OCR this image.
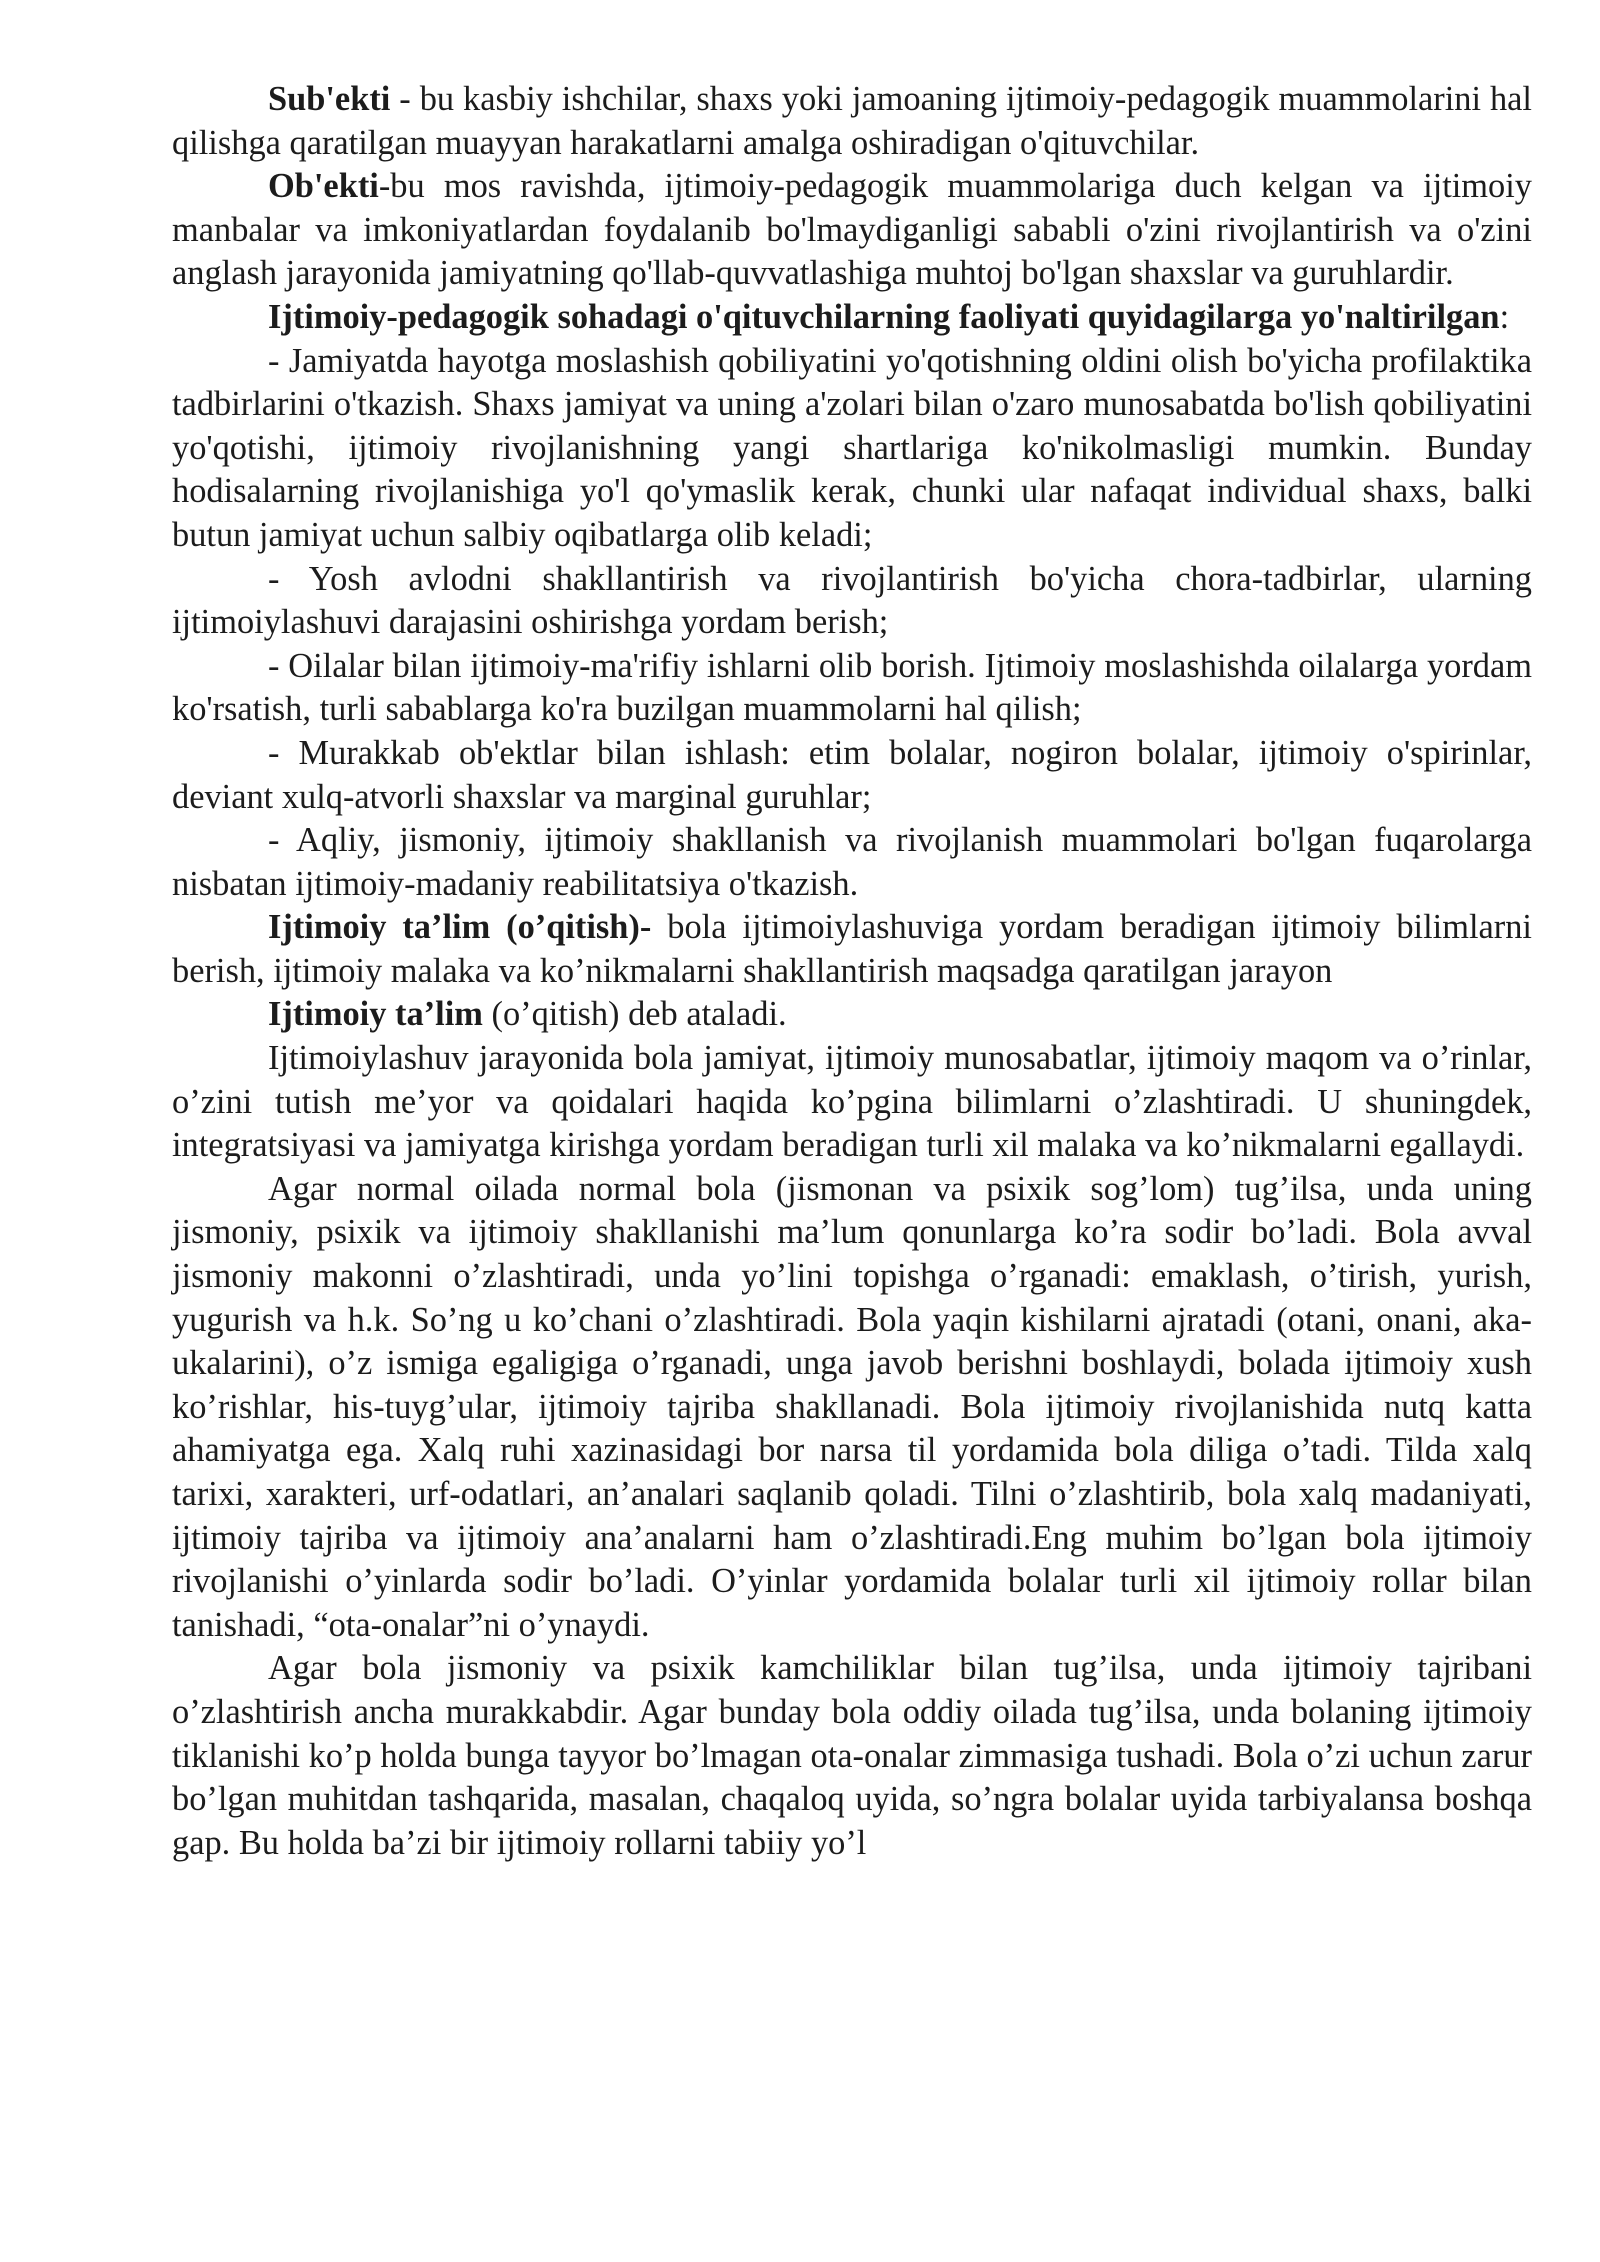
Sub'ekti - bu kasbiy ishchilar, shaxs yoki jamoaning ijtimoiy-pedagogik muammolarini hal qilishga qaratilgan muayyan harakatlarni amalga oshiradigan o'qituvchilar.

Ob'ekti-bu mos ravishda, ijtimoiy-pedagogik muammolariga duch kelgan va ijtimoiy manbalar va imkoniyatlardan foydalanib bo'lmaydiganligi sababli o'zini rivojlantirish va o'zini anglash jarayonida jamiyatning qo'llab-quvvatlashiga muhtoj bo'lgan shaxslar va guruhlardir.

Ijtimoiy-pedagogik sohadagi o'qituvchilarning faoliyati quyidagilarga yo'naltirilgan:

- Jamiyatda hayotga moslashish qobiliyatini yo'qotishning oldini olish bo'yicha profilaktika tadbirlarini o'tkazish. Shaxs jamiyat va uning a'zolari bilan o'zaro munosabatda bo'lish qobiliyatini yo'qotishi, ijtimoiy rivojlanishning yangi shartlariga ko'nikolmasligi mumkin. Bunday hodisalarning rivojlanishiga yo'l qo'ymaslik kerak, chunki ular nafaqat individual shaxs, balki butun jamiyat uchun salbiy oqibatlarga olib keladi;

- Yosh avlodni shakllantirish va rivojlantirish bo'yicha chora-tadbirlar, ularning ijtimoiylashuvi darajasini oshirishga yordam berish;

- Oilalar bilan ijtimoiy-ma'rifiy ishlarni olib borish. Ijtimoiy moslashishda oilalarga yordam ko'rsatish, turli sabablarga ko'ra buzilgan muammolarni hal qilish;

- Murakkab ob'ektlar bilan ishlash: etim bolalar, nogiron bolalar, ijtimoiy o'spirinlar, deviant xulq-atvorli shaxslar va marginal guruhlar;

- Aqliy, jismoniy, ijtimoiy shakllanish va rivojlanish muammolari bo'lgan fuqarolarga nisbatan ijtimoiy-madaniy reabilitatsiya o'tkazish.

Ijtimoiy ta’lim (o’qitish)- bola ijtimoiylashuviga yordam beradigan ijtimoiy bilimlarni berish, ijtimoiy malaka va ko’nikmalarni shakllantirish maqsadga qaratilgan jarayon

Ijtimoiy ta’lim (o’qitish) deb ataladi.

Ijtimoiylashuv jarayonida bola jamiyat, ijtimoiy munosabatlar, ijtimoiy maqom va o’rinlar, o’zini tutish me’yor va qoidalari haqida ko’pgina bilimlarni o’zlashtiradi. U shuningdek, integratsiyasi va jamiyatga kirishga yordam beradigan turli xil malaka va ko’nikmalarni egallaydi.

Agar normal oilada normal bola (jismonan va psixik sog’lom) tug’ilsa, unda uning jismoniy, psixik va ijtimoiy shakllanishi ma’lum qonunlarga ko’ra sodir bo’ladi. Bola avval jismoniy makonni o’zlashtiradi, unda yo’lini topishga o’rganadi: emaklash, o’tirish, yurish, yugurish va h.k. So’ng u ko’chani o’zlashtiradi. Bola yaqin kishilarni ajratadi (otani, onani, aka-ukalarini), o’z ismiga egaligiga o’rganadi, unga javob berishni boshlaydi, bolada ijtimoiy xush ko’rishlar, his-tuyg’ular, ijtimoiy tajriba shakllanadi. Bola ijtimoiy rivojlanishida nutq katta ahamiyatga ega. Xalq ruhi xazinasidagi bor narsa til yordamida bola diliga o’tadi. Tilda xalq tarixi, xarakteri, urf-odatlari, an’analari saqlanib qoladi. Tilni o’zlashtirib, bola xalq madaniyati, ijtimoiy tajriba va ijtimoiy ana’analarni ham o’zlashtiradi.Eng muhim bo’lgan bola ijtimoiy rivojlanishi o’yinlarda sodir bo’ladi. O’yinlar yordamida bolalar turli xil ijtimoiy rollar bilan tanishadi, “ota-onalar”ni o’ynaydi.

Agar bola jismoniy va psixik kamchiliklar bilan tug’ilsa, unda ijtimoiy tajribani o’zlashtirish ancha murakkabdir. Agar bunday bola oddiy oilada tug’ilsa, unda bolaning ijtimoiy tiklanishi ko’p holda bunga tayyor bo’lmagan ota-onalar zimmasiga tushadi. Bola o’zi uchun zarur bo’lgan muhitdan tashqarida, masalan, chaqaloq uyida, so’ngra bolalar uyida tarbiyalansa boshqa gap. Bu holda ba’zi bir ijtimoiy rollarni tabiiy yo’l
